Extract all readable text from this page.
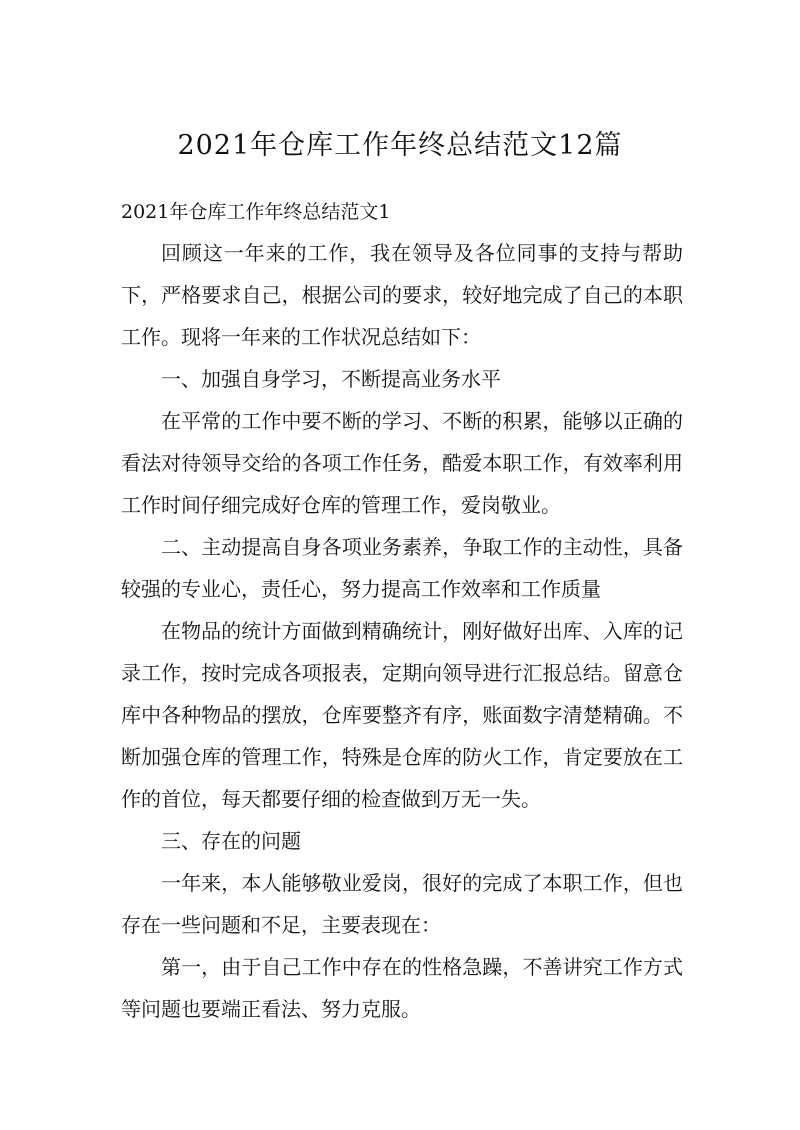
2021年仓库工作年终总结范文12篇

2021年仓库工作年终总结范文1

回顾这一年来的工作，我在领导及各位同事的支持与帮助下，严格要求自己，根据公司的要求，较好地完成了自己的本职工作。现将一年来的工作状况总结如下：

一、加强自身学习，不断提高业务水平

在平常的工作中要不断的学习、不断的积累，能够以正确的看法对待领导交给的各项工作任务，酷爱本职工作，有效率利用工作时间仔细完成好仓库的管理工作，爱岗敬业。

二、主动提高自身各项业务素养，争取工作的主动性，具备较强的专业心，责任心，努力提高工作效率和工作质量

在物品的统计方面做到精确统计，刚好做好出库、入库的记录工作，按时完成各项报表，定期向领导进行汇报总结。留意仓库中各种物品的摆放，仓库要整齐有序，账面数字清楚精确。不断加强仓库的管理工作，特殊是仓库的防火工作，肯定要放在工作的首位，每天都要仔细的检查做到万无一失。

三、存在的问题

一年来，本人能够敬业爱岗，很好的完成了本职工作，但也存在一些问题和不足，主要表现在：

第一，由于自己工作中存在的性格急躁，不善讲究工作方式等问题也要端正看法、努力克服。
